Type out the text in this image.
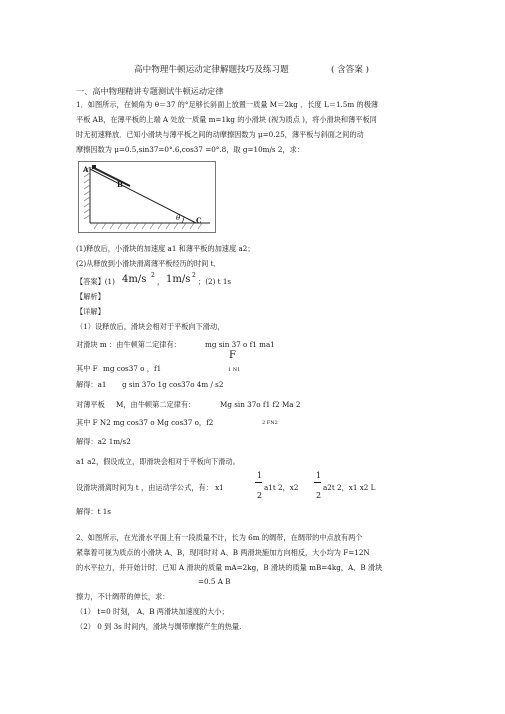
高中物理牛顿运动定律解题技巧及练习题	( 含答案 )
一、高中物理精讲专题测试牛顿运动定律
1．如图所示，在倾角为 θ＝37 的°足够长斜面上放置一质量 M＝2kg 、长度 L＝1.5m 的极薄
平板 AB，在薄平板的上端 A 处放一质量 m=1kg 的小滑块 (视为质点 )，将小滑块和薄平板同
时无初速释放．已知小滑块与薄平板之间的动摩擦因数为 μ=0.25，薄平板与斜面之间的动
摩擦因数为 μ=0.5,sin37=0°.6,cos37 =0°.8，取 g=10m/s 2，求：
A
B
θ C
(1)释放后，小滑块的加速度 a1 和薄平板的加速度 a2；
(2)从释放到小滑块滑离薄平板经历的时间 t．
【答案】(1) 4m/s 2
， 1m/s 2
；(2) t 1s
【解析】
【详解】
（1）设释放后，滑块会相对于平板向下滑动，
对滑块 m ：由牛顿第二定律有：	mg sin 37 o f1 ma1
F
其中 F mg cos37 o ，f1	1 N1
解得：a1 g sin 37o 1g cos37o 4m / s2
对薄平板 M，由牛顿第二定律有：	Mg sin 37o f1 f2 Ma 2
其中 F N2 mg cos37 o Mg cos37 o，f2	2 FN2
解得：a2 1m/s2
a1 a2，假设成立，即滑块会相对于平板向下滑动。
设滑块滑离时间为 t ，由运动学公式，有： x1
1
2
a1t 2，x2
1
2
a2t 2，x1 x2 L
解得：t 1s
2、如图所示，在光滑水平面上有一段质量不计，长为 6m 的绸带，在绸带的中点放有两个
紧靠着可视为质点的小滑块 A、B，现同时对 A、B 两滑块施加方向相反，大小均为 F=12N
的水平拉力，并开始计时．已知 A 滑块的质量 mA=2kg，B 滑块的质量 mB=4kg，A、B 滑块
=0.5 A B
擦力，不计绸带的伸长，求：
（1） t=0 时刻， A、B 两滑块加速度的大小；
（2） 0 到 3s 时间内，滑块与绸带摩擦产生的热量.
